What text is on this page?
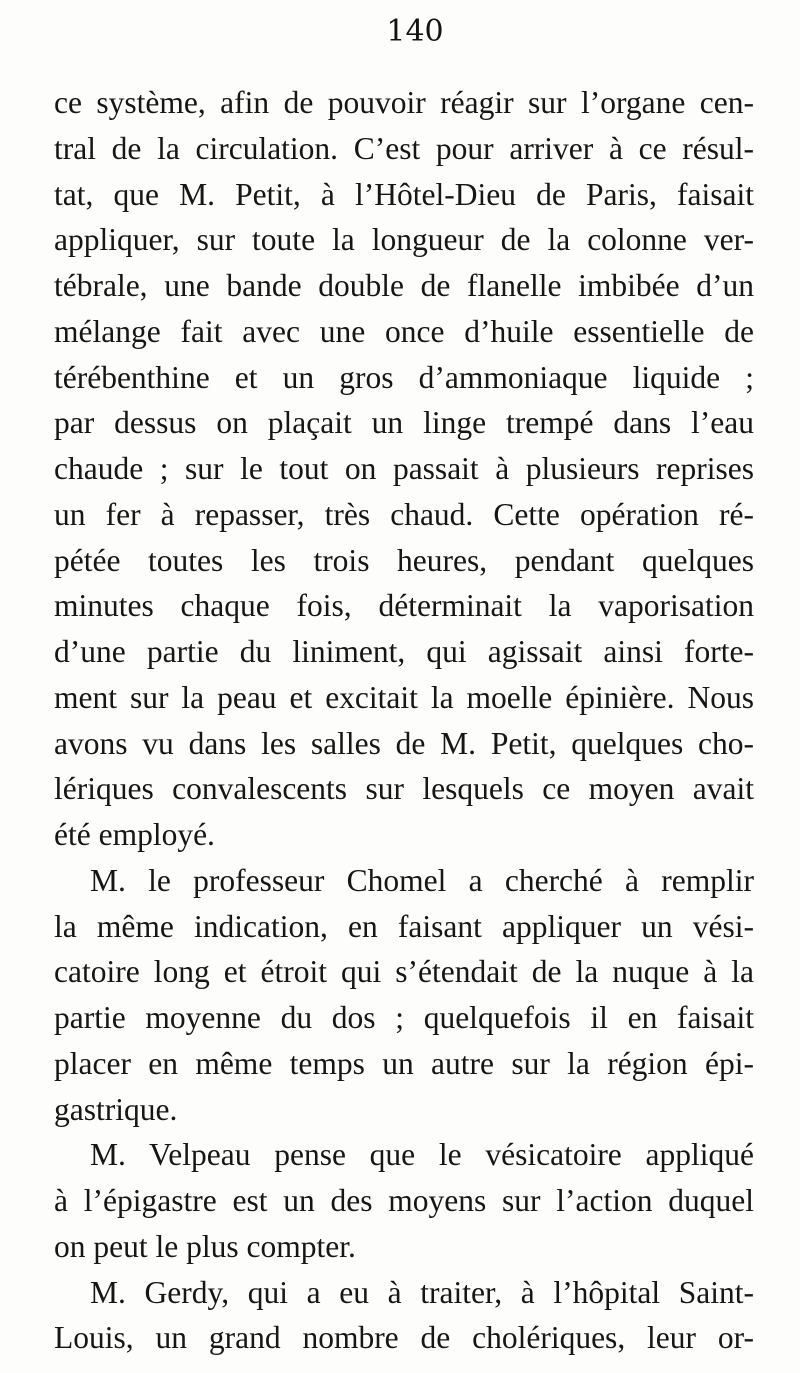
140
ce système, afin de pouvoir réagir sur l’organe cen-
tral de la circulation. C’est pour arriver à ce résul-
tat, que M. Petit, à l’Hôtel-Dieu de Paris, faisait
appliquer, sur toute la longueur de la colonne ver-
tébrale, une bande double de flanelle imbibée d’un
mélange fait avec une once d’huile essentielle de
térébenthine et un gros d’ammoniaque liquide ;
par dessus on plaçait un linge trempé dans l’eau
chaude ; sur le tout on passait à plusieurs reprises
un fer à repasser, très chaud. Cette opération ré-
pétée toutes les trois heures, pendant quelques
minutes chaque fois, déterminait la vaporisation
d’une partie du liniment, qui agissait ainsi forte-
ment sur la peau et excitait la moelle épinière. Nous
avons vu dans les salles de M. Petit, quelques cho-
lériques convalescents sur lesquels ce moyen avait
été employé.
M. le professeur Chomel a cherché à remplir
la même indication, en faisant appliquer un vési-
catoire long et étroit qui s’étendait de la nuque à la
partie moyenne du dos ; quelquefois il en faisait
placer en même temps un autre sur la région épi-
gastrique.
M. Velpeau pense que le vésicatoire appliqué
à l’épigastre est un des moyens sur l’action duquel
on peut le plus compter.
M. Gerdy, qui a eu à traiter, à l’hôpital Saint-
Louis, un grand nombre de cholériques, leur or-
